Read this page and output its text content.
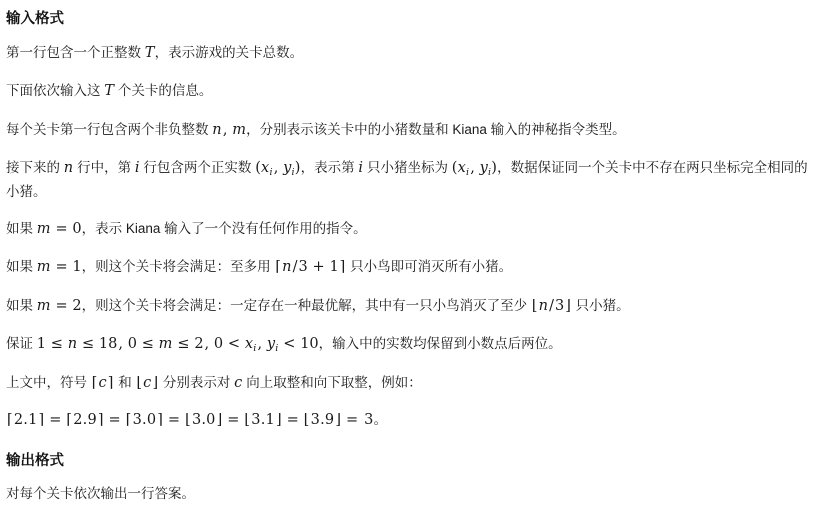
输入格式

第一行包含一个正整数 T，表示游戏的关卡总数。

下面依次输入这 T 个关卡的信息。

每个关卡第一行包含两个非负整数 n, m，分别表示该关卡中的小猪数量和 Kiana 输入的神秘指令类型。

接下来的 n 行中，第 i 行包含两个正实数 ($x_i$, $y_i$)，表示第 i 只小猪坐标为 ($x_i$, $y_i$)，数据保证同一个关卡中不存在两只坐标完全相同的小猪。

如果 m = 0，表示 Kiana 输入了一个没有任何作用的指令。

如果 m = 1，则这个关卡将会满足：至多用 ⌈n/3 + 1⌉ 只小鸟即可消灭所有小猪。

如果 m = 2，则这个关卡将会满足：一定存在一种最优解，其中有一只小鸟消灭了至少 ⌊n/3⌋ 只小猪。

保证 1 ≤ n ≤ 18, 0 ≤ m ≤ 2, $0 < x_i$, $y_i < 10$，输入中的实数均保留到小数点后两位。

上文中，符号 ⌈c⌉ 和 ⌊c⌋ 分别表示对 c 向上取整和向下取整，例如：

⌈2.1⌉ = ⌈2.9⌉ = ⌈3.0⌉ = ⌊3.0⌋ = ⌊3.1⌋ = ⌊3.9⌋ = 3。

输出格式

对每个关卡依次输出一行答案。
